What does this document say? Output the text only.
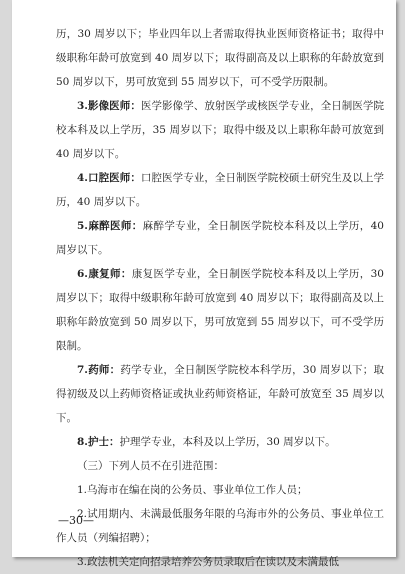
历，30 周岁以下；毕业四年以上者需取得执业医师资格证书；取得中级职称年龄可放宽到 40 周岁以下；取得副高及以上职称的年龄放宽到 50 周岁以下，男可放宽到 55 周岁以下，可不受学历限制。

3.影像医师：医学影像学、放射医学或核医学专业，全日制医学院校本科及以上学历，35 周岁以下；取得中级及以上职称年龄可放宽到 40 周岁以下。

4.口腔医师：口腔医学专业，全日制医学院校硕士研究生及以上学历，40 周岁以下。

5.麻醉医师：麻醉学专业，全日制医学院校本科及以上学历，40 周岁以下。

6.康复师：康复医学专业，全日制医学院校本科及以上学历，30 周岁以下；取得中级职称年龄可放宽到 40 周岁以下；取得副高及以上职称年龄放宽到 50 周岁以下，男可放宽到 55 周岁以下，可不受学历限制。

7.药师：药学专业，全日制医学院校本科学历，30 周岁以下；取得初级及以上药师资格证或执业药师资格证，年龄可放宽至 35 周岁以下。

8.护士：护理学专业，本科及以上学历，30 周岁以下。

（三）下列人员不在引进范围：

1.乌海市在编在岗的公务员、事业单位工作人员；

2.试用期内、未满最低服务年限的乌海市外的公务员、事业单位工作人员（列编招聘）；

3.政法机关定向招录培养公务员录取后在读以及未满最低

—30—
